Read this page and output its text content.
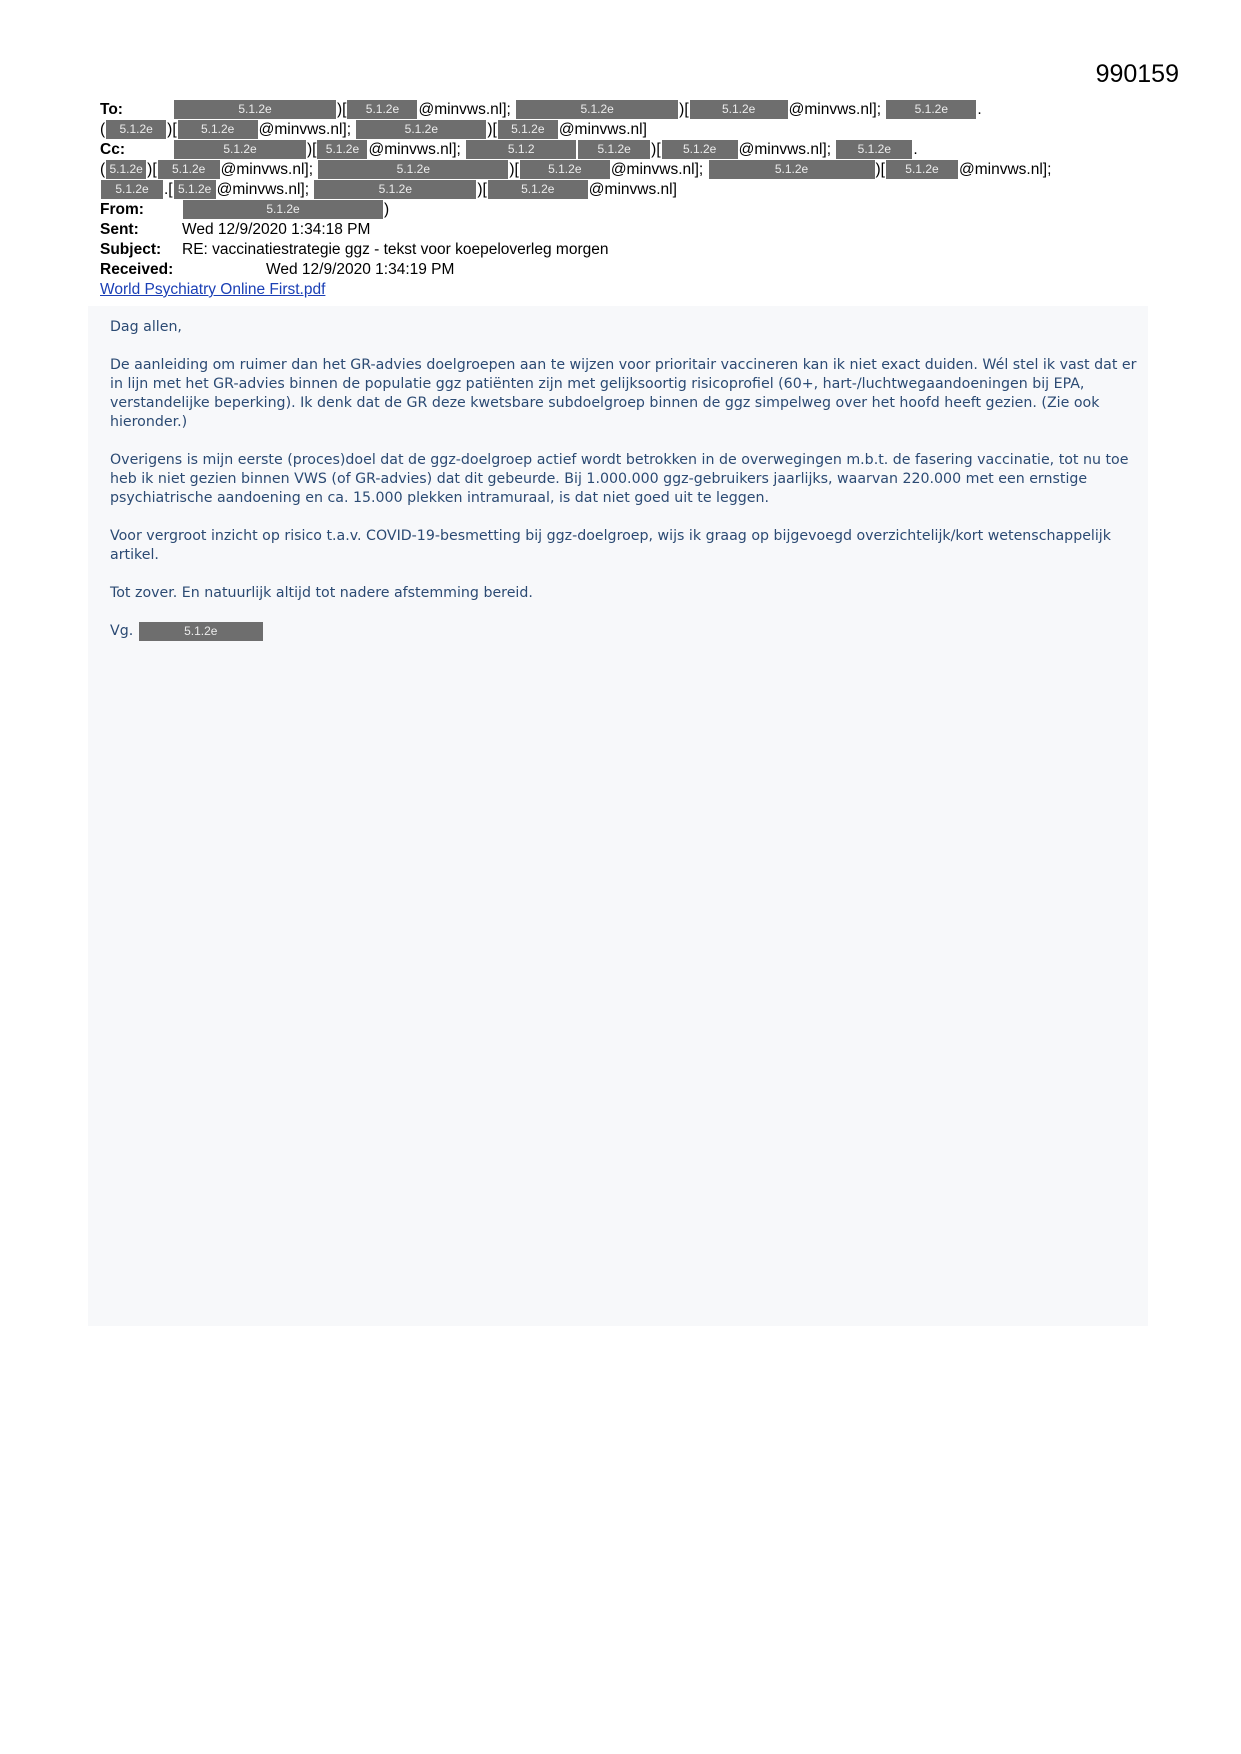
990159
To:	5.1.2e	)[ 5.1.2e @minvws.nl];	5.1.2e	)[	5.1.2e @minvws.nl];	5.1.2e .
( 5.1.2e )[ 5.1.2e @minvws.nl];	5.1.2e	)[ 5.1.2e @minvws.nl]
Cc:	5.1.2e	)[ 5.1.2e @minvws.nl];	5.1.2	5.1.2e )[ 5.1.2e @minvws.nl]; 5.1.2e .
( 5.1.2e )[ 5.1.2e @minvws.nl];	5.1.2e	)[ 5.1.2e @minvws.nl];	5.1.2e	)[ 5.1.2e @minvws.nl];
5.1.2e .[ 5.1.2e @minvws.nl];	5.1.2e	)[	5.1.2e @minvws.nl]
From:	5.1.2e	)
Sent:	Wed 12/9/2020 1:34:18 PM
Subject:	RE: vaccinatiestrategie ggz - tekst voor koepeloverleg morgen
Received:	Wed 12/9/2020 1:34:19 PM
World Psychiatry Online First.pdf

Dag allen,

De aanleiding om ruimer dan het GR-advies doelgroepen aan te wijzen voor prioritair vaccineren kan ik niet exact duiden. Wél stel ik vast dat er in lijn met het GR-advies binnen de populatie ggz patiënten zijn met gelijksoortig risicoprofiel (60+, hart-/luchtwegaandoeningen bij EPA, verstandelijke beperking). Ik denk dat de GR deze kwetsbare subdoelgroep binnen de ggz simpelweg over het hoofd heeft gezien. (Zie ook hieronder.)

Overigens is mijn eerste (proces)doel dat de ggz-doelgroep actief wordt betrokken in de overwegingen m.b.t. de fasering vaccinatie, tot nu toe heb ik niet gezien binnen VWS (of GR-advies) dat dit gebeurde. Bij 1.000.000 ggz-gebruikers jaarlijks, waarvan 220.000 met een ernstige psychiatrische aandoening en ca. 15.000 plekken intramuraal, is dat niet goed uit te leggen.

Voor vergroot inzicht op risico t.a.v. COVID-19-besmetting bij ggz-doelgroep, wijs ik graag op bijgevoegd overzichtelijk/kort wetenschappelijk artikel.

Tot zover. En natuurlijk altijd tot nadere afstemming bereid.

Vg.	5.1.2e
